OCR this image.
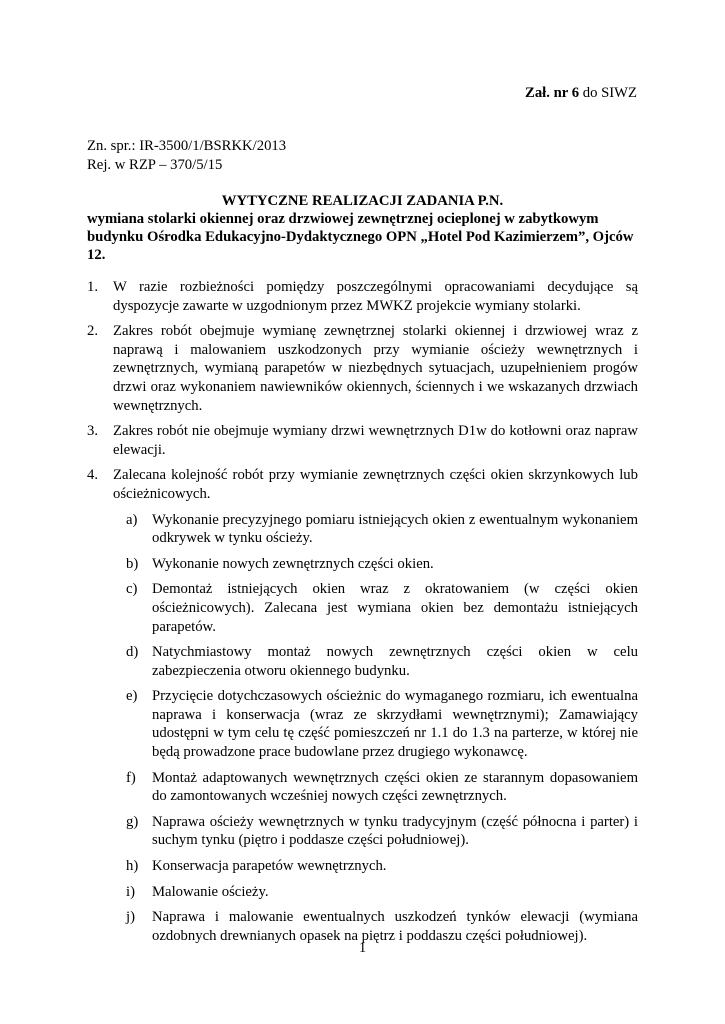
Zał. nr 6 do SIWZ
Zn. spr.: IR-3500/1/BSRKK/2013
Rej. w RZP – 370/5/15
WYTYCZNE REALIZACJI ZADANIA P.N.
wymiana stolarki okiennej oraz drzwiowej zewnętrznej ocieplonej w zabytkowym budynku Ośrodka Edukacyjno-Dydaktycznego OPN „Hotel Pod Kazimierzem”, Ojców 12.
1. W razie rozbieżności pomiędzy poszczególnymi opracowaniami decydujące są dyspozycje zawarte w uzgodnionym przez MWKZ projekcie wymiany stolarki.
2. Zakres robót obejmuje wymianę zewnętrznej stolarki okiennej i drzwiowej wraz z naprawą i malowaniem uszkodzonych przy wymianie ościeży wewnętrznych i zewnętrznych, wymianą parapetów w niezbędnych sytuacjach, uzupełnieniem progów drzwi oraz wykonaniem nawiewników okiennych, ściennych i we wskazanych drzwiach wewnętrznych.
3. Zakres robót nie obejmuje wymiany drzwi wewnętrznych D1w do kotłowni oraz napraw elewacji.
4. Zalecana kolejność robót przy wymianie zewnętrznych części okien skrzynkowych lub ościeżnicowych.
a) Wykonanie precyzyjnego pomiaru istniejących okien z ewentualnym wykonaniem odkrywek w tynku ościeży.
b) Wykonanie nowych zewnętrznych części okien.
c) Demontaż istniejących okien wraz z okratowaniem (w części okien ościeżnicowych). Zalecana jest wymiana okien bez demontażu istniejących parapetów.
d) Natychmiastowy montaż nowych zewnętrznych części okien w celu zabezpieczenia otworu okiennego budynku.
e) Przycięcie dotychczasowych ościeżnic do wymaganego rozmiaru, ich ewentualna naprawa i konserwacja (wraz ze skrzydłami wewnętrznymi); Zamawiający udostępni w tym celu tę część pomieszczeń nr 1.1 do 1.3 na parterze, w której nie będą prowadzone prace budowlane przez drugiego wykonawcę.
f) Montaż adaptowanych wewnętrznych części okien ze starannym dopasowaniem do zamontowanych wcześniej nowych części zewnętrznych.
g) Naprawa ościeży wewnętrznych w tynku tradycyjnym (część północna i parter) i suchym tynku (piętro i poddasze części południowej).
h) Konserwacja parapetów wewnętrznych.
i) Malowanie ościeży.
j) Naprawa i malowanie ewentualnych uszkodzeń tynków elewacji (wymiana ozdobnych drewnianych opasek na piętrz i poddaszu części południowej).
1
